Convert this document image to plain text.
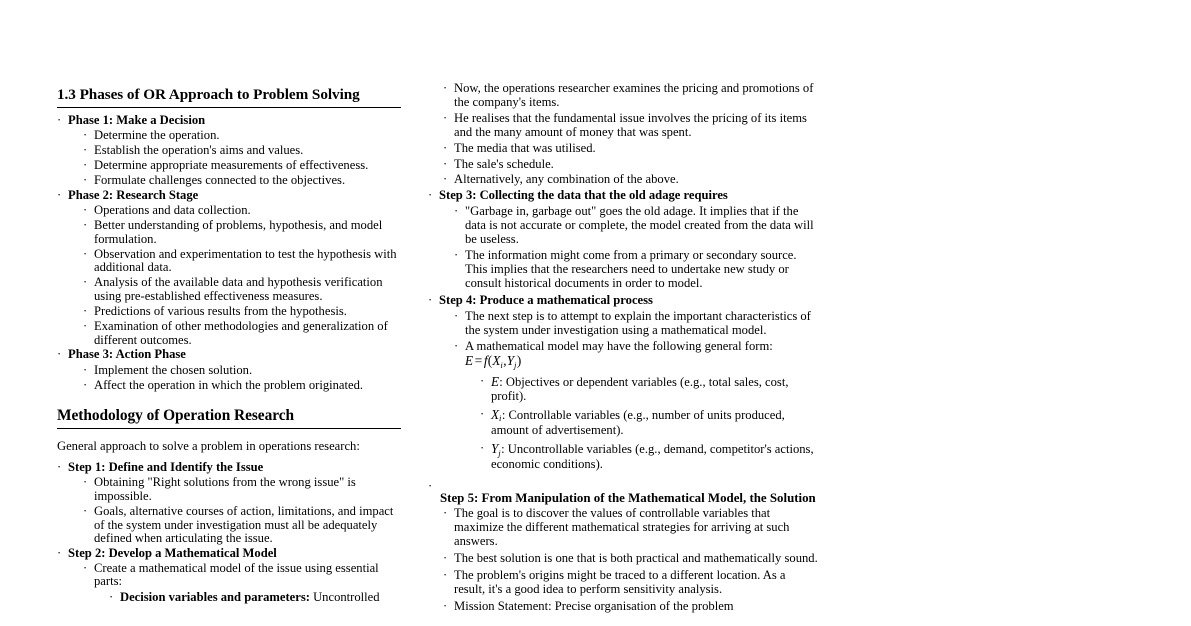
1.3 Phases of OR Approach to Problem Solving
· Phase 1: Make a Decision
· Determine the operation.
· Establish the operation's aims and values.
· Determine appropriate measurements of effectiveness.
· Formulate challenges connected to the objectives.
· Phase 2: Research Stage
· Operations and data collection.
· Better understanding of problems, hypothesis, and model formulation.
· Observation and experimentation to test the hypothesis with additional data.
· Analysis of the available data and hypothesis verification using pre-established effectiveness measures.
· Predictions of various results from the hypothesis.
· Examination of other methodologies and generalization of different outcomes.
· Phase 3: Action Phase
· Implement the chosen solution.
· Affect the operation in which the problem originated.
Methodology of Operation Research

General approach to solve a problem in operations research:

· Step 1: Define and Identify the Issue
· Obtaining "Right solutions from the wrong issue" is impossible.
· Goals, alternative courses of action, limitations, and impact of the system under investigation must all be adequately defined when articulating the issue.
· Step 2: Develop a Mathematical Model
· Create a mathematical model of the issue using essential parts:
· Decision variables and parameters: Uncontrolled
· Now, the operations researcher examines the pricing and promotions of the company's items.
· He realises that the fundamental issue involves the pricing of its items and the many amount of money that was spent.
· The media that was utilised.
· The sale's schedule.
· Alternatively, any combination of the above.
· Step 3: Collecting the data that the old adage requires
· "Garbage in, garbage out" goes the old adage. It implies that if the data is not accurate or complete, the model created from the data will be useless.
· The information might come from a primary or secondary source. This implies that the researchers need to undertake new study or consult historical documents in order to model.
· Step 4: Produce a mathematical process
· The next step is to attempt to explain the important characteristics of the system under investigation using a mathematical model.
· A mathematical model may have the following general form: $E = f(X_i,Y_j)$
· E: Objectives or dependent variables (e.g., total sales, cost, profit).
· $X_i$: Controllable variables (e.g., number of units produced, amount of advertisement).
· $Y_j$: Uncontrollable variables (e.g., demand, competitor's actions, economic conditions).
·
Step 5: From Manipulation of the Mathematical Model, the Solution
· The goal is to discover the values of controllable variables that maximize the different mathematical strategies for arriving at such answers.
· The best solution is one that is both practical and mathematically sound.
· The problem's origins might be traced to a different location. As a result, it's a good idea to perform sensitivity analysis.
· Mission Statement: Precise organisation of the problem
